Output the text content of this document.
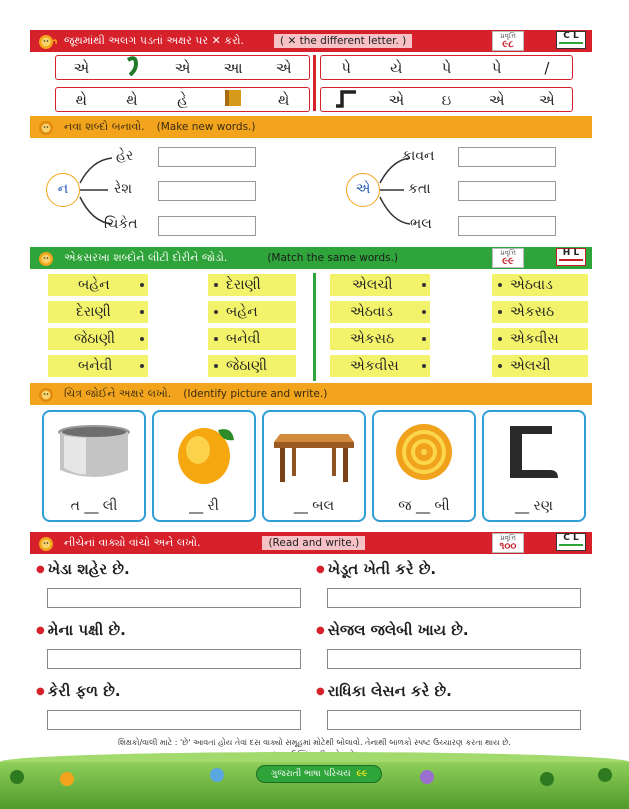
જૂથમાંથી અલગ પડતાં અક્ષર પર ✕ કરો.	( ✕ the different letter. )	પ્રવૃત્તિ
૯૮
C L
એ	એ	આ	એ	પે	યે	પે	પે	/
થે	થે	હે	થે	એ	ઇ	એ	એ
નવા શબ્દો બનાવો. (Make new words.)
ન
હેર
રેશ
ચિકેત
એ
કાવન
કતા
ભલ
એકસરખા શબ્દોને લીટી દોરીને જોડો.	(Match the same words.)	પ્રવૃત્તિ
૯૯
H L
બહેન
દેરાણી
જેઠાણી
બનેવી
દેરાણી
બહેન
બનેવી
જેઠાણી
એલચી
એઠવાડ
એકસઠ
એકવીસ
એઠવાડ
એકસઠ
એકવીસ
એલચી
ચિત્ર જોઈને અક્ષર લખો. (Identify picture and write.)
ત __ લી	__ રી	__ બલ	જ __ બી	__ રણ
નીચેનાં વાક્યો વાંચો અને લખો.	(Read and write.)	પ્રવૃત્તિ
૧૦૦
C L
● ખેડા શહેર છે.
● મેના પક્ષી છે.
● કેરી ફળ છે.
● ખેડૂત ખેતી કરે છે.
● સેજલ જલેબી ખાય છે.
● રાધિકા લેસન કરે છે.
શિક્ષકો/વાલી માટે : 'છે' આવતાં હોય તેવાં દસ વાક્યો સમૂહમાં મોટેથી બોલાવો. તેનાથી બાળકો સ્પષ્ટ ઉચ્ચારણ કરતા થાય છે.
ગુજરાતી ભાષા પરિચય ૯૯
